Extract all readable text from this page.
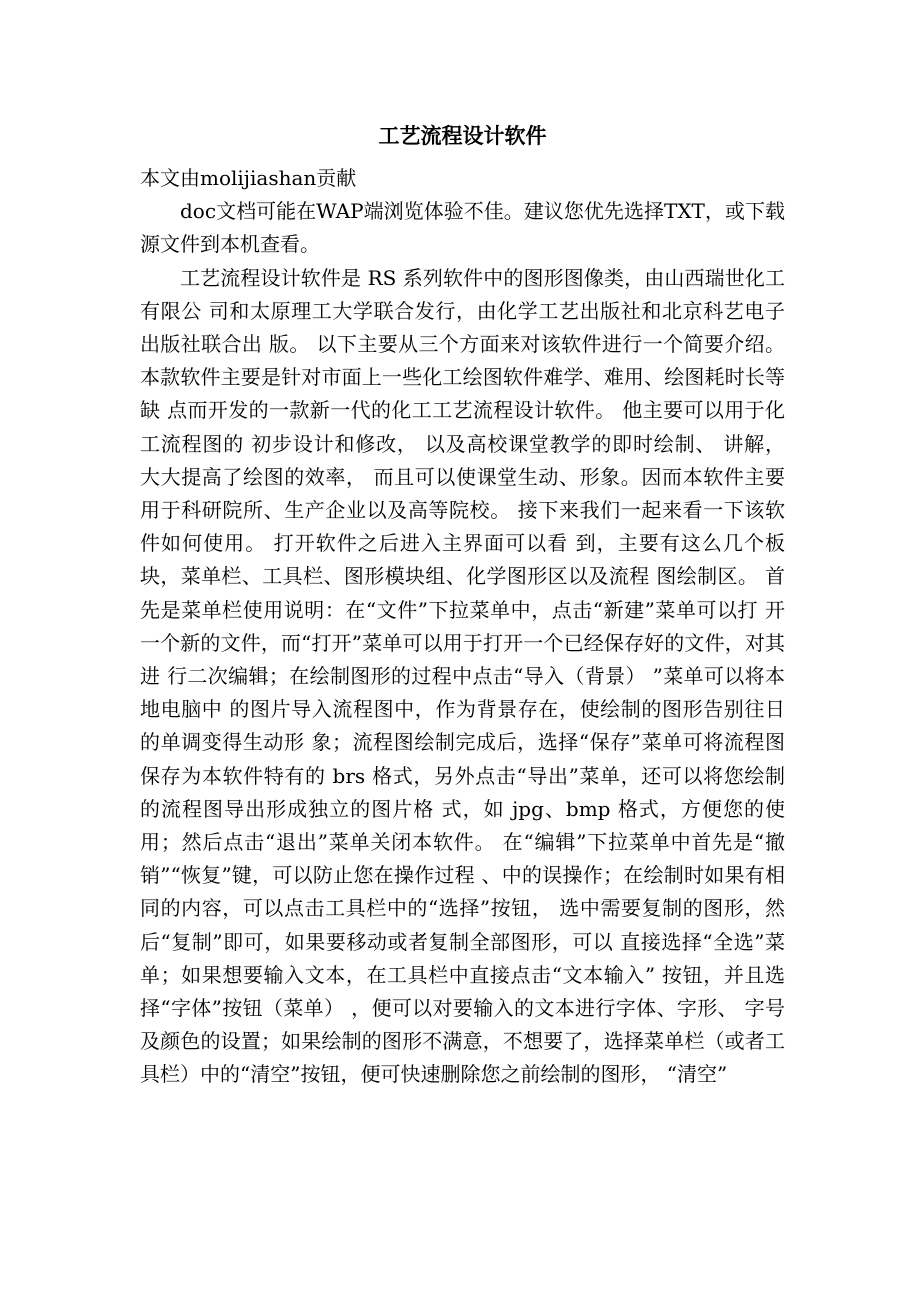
工艺流程设计软件

本文由molijiashan贡献

doc文档可能在WAP端浏览体验不佳。建议您优先选择TXT，或下载源文件到本机查看。

工艺流程设计软件是 RS 系列软件中的图形图像类，由山西瑞世化工有限公 司和太原理工大学联合发行，由化学工艺出版社和北京科艺电子出版社联合出 版。 以下主要从三个方面来对该软件进行一个简要介绍。 本款软件主要是针对市面上一些化工绘图软件难学、难用、绘图耗时长等缺 点而开发的一款新一代的化工工艺流程设计软件。 他主要可以用于化工流程图的 初步设计和修改， 以及高校课堂教学的即时绘制、 讲解， 大大提高了绘图的效率， 而且可以使课堂生动、形象。因而本软件主要用于科研院所、生产企业以及高等院校。 接下来我们一起来看一下该软件如何使用。 打开软件之后进入主界面可以看 到，主要有这么几个板块，菜单栏、工具栏、图形模块组、化学图形区以及流程 图绘制区。 首先是菜单栏使用说明：在“文件”下拉菜单中，点击“新建”菜单可以打 开一个新的文件，而“打开”菜单可以用于打开一个已经保存好的文件，对其进 行二次编辑；在绘制图形的过程中点击“导入（背景） ”菜单可以将本地电脑中 的图片导入流程图中，作为背景存在，使绘制的图形告别往日的单调变得生动形 象；流程图绘制完成后，选择“保存”菜单可将流程图保存为本软件特有的 brs 格式，另外点击“导出”菜单，还可以将您绘制的流程图导出形成独立的图片格 式，如 jpg、bmp 格式，方便您的使用；然后点击“退出”菜单关闭本软件。 在“编辑”下拉菜单中首先是“撤销”“恢复”键，可以防止您在操作过程 、中的误操作；在绘制时如果有相同的内容，可以点击工具栏中的“选择”按钮， 选中需要复制的图形，然后“复制”即可，如果要移动或者复制全部图形，可以 直接选择“全选”菜单；如果想要输入文本，在工具栏中直接点击“文本输入” 按钮，并且选择“字体”按钮（菜单） ，便可以对要输入的文本进行字体、字形、 字号及颜色的设置；如果绘制的图形不满意，不想要了，选择菜单栏（或者工具栏）中的“清空”按钮，便可快速删除您之前绘制的图形， “清空”
